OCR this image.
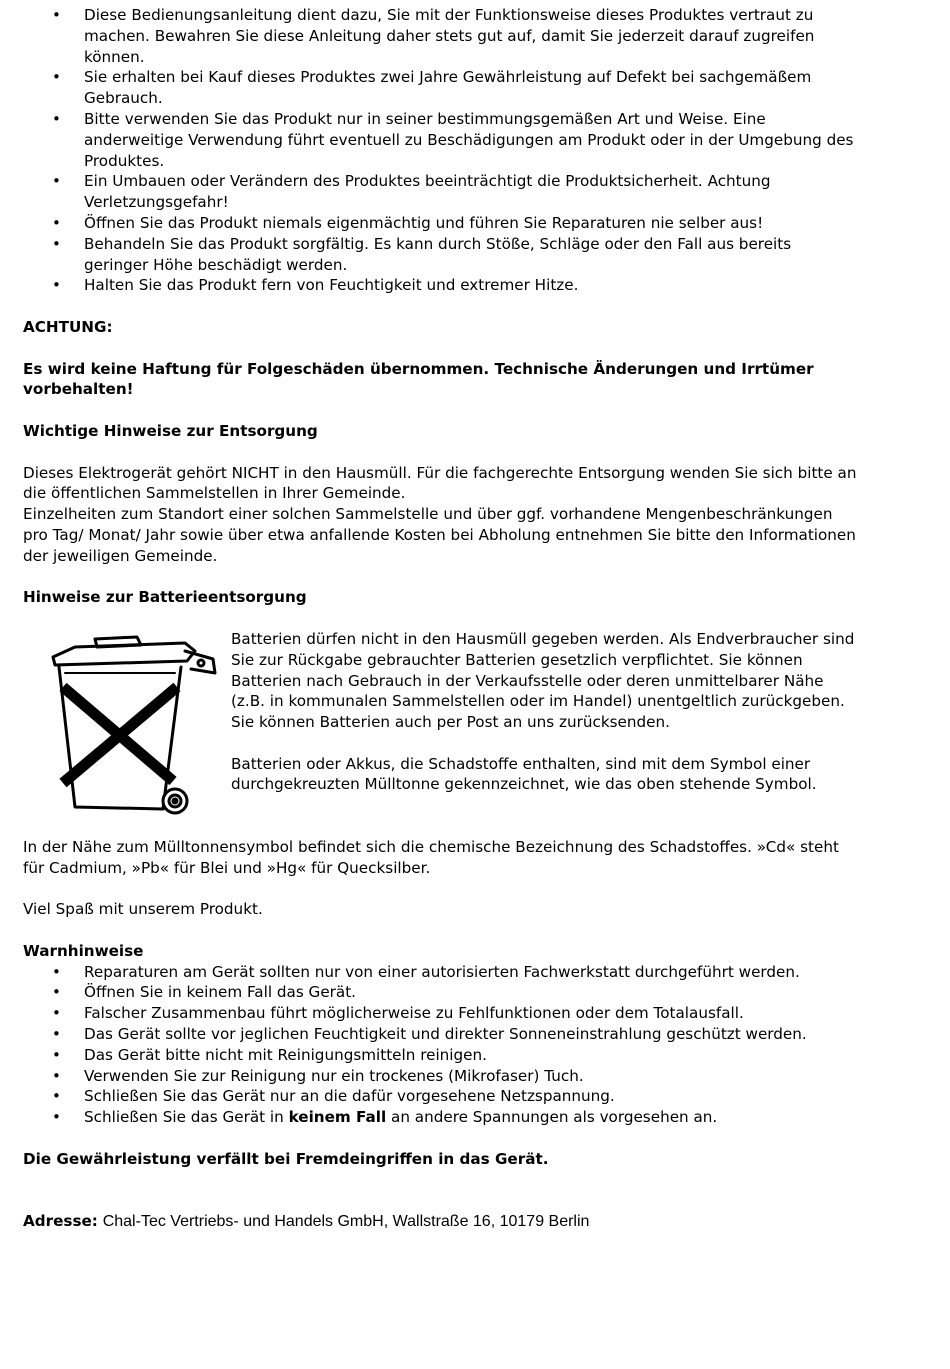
• Diese Bedienungsanleitung dient dazu, Sie mit der Funktionsweise dieses Produktes vertraut zu machen. Bewahren Sie diese Anleitung daher stets gut auf, damit Sie jederzeit darauf zugreifen können.
• Sie erhalten bei Kauf dieses Produktes zwei Jahre Gewährleistung auf Defekt bei sachgemäßem Gebrauch.
• Bitte verwenden Sie das Produkt nur in seiner bestimmungsgemäßen Art und Weise. Eine anderweitige Verwendung führt eventuell zu Beschädigungen am Produkt oder in der Umgebung des Produktes.
• Ein Umbauen oder Verändern des Produktes beeinträchtigt die Produktsicherheit. Achtung Verletzungsgefahr!
• Öffnen Sie das Produkt niemals eigenmächtig und führen Sie Reparaturen nie selber aus!
• Behandeln Sie das Produkt sorgfältig. Es kann durch Stöße, Schläge oder den Fall aus bereits geringer Höhe beschädigt werden.
• Halten Sie das Produkt fern von Feuchtigkeit und extremer Hitze.

ACHTUNG:

Es wird keine Haftung für Folgeschäden übernommen. Technische Änderungen und Irrtümer vorbehalten!

Wichtige Hinweise zur Entsorgung

Dieses Elektrogerät gehört NICHT in den Hausmüll. Für die fachgerechte Entsorgung wenden Sie sich bitte an die öffentlichen Sammelstellen in Ihrer Gemeinde.

Einzelheiten zum Standort einer solchen Sammelstelle und über ggf. vorhandene Mengenbeschränkungen pro Tag/ Monat/ Jahr sowie über etwa anfallende Kosten bei Abholung entnehmen Sie bitte den Informationen der jeweiligen Gemeinde.

Hinweise zur Batterieentsorgung

Batterien dürfen nicht in den Hausmüll gegeben werden. Als Endverbraucher sind Sie zur Rückgabe gebrauchter Batterien gesetzlich verpflichtet. Sie können Batterien nach Gebrauch in der Verkaufsstelle oder deren unmittelbarer Nähe (z.B. in kommunalen Sammelstellen oder im Handel) unentgeltlich zurückgeben. Sie können Batterien auch per Post an uns zurücksenden.

Batterien oder Akkus, die Schadstoffe enthalten, sind mit dem Symbol einer durchgekreuzten Mülltonne gekennzeichnet, wie das oben stehende Symbol.

In der Nähe zum Mülltonnensymbol befindet sich die chemische Bezeichnung des Schadstoffes. »Cd« steht für Cadmium, »Pb« für Blei und »Hg« für Quecksilber.

Viel Spaß mit unserem Produkt.

Warnhinweise

• Reparaturen am Gerät sollten nur von einer autorisierten Fachwerkstatt durchgeführt werden.
• Öffnen Sie in keinem Fall das Gerät.
• Falscher Zusammenbau führt möglicherweise zu Fehlfunktionen oder dem Totalausfall.
• Das Gerät sollte vor jeglichen Feuchtigkeit und direkter Sonneneinstrahlung geschützt werden.
• Das Gerät bitte nicht mit Reinigungsmitteln reinigen.
• Verwenden Sie zur Reinigung nur ein trockenes (Mikrofaser) Tuch.
• Schließen Sie das Gerät nur an die dafür vorgesehene Netzspannung.
• Schließen Sie das Gerät in keinem Fall an andere Spannungen als vorgesehen an.

Die Gewährleistung verfällt bei Fremdeingriffen in das Gerät.

Adresse: Chal-Tec Vertriebs- und Handels GmbH, Wallstraße 16, 10179 Berlin
